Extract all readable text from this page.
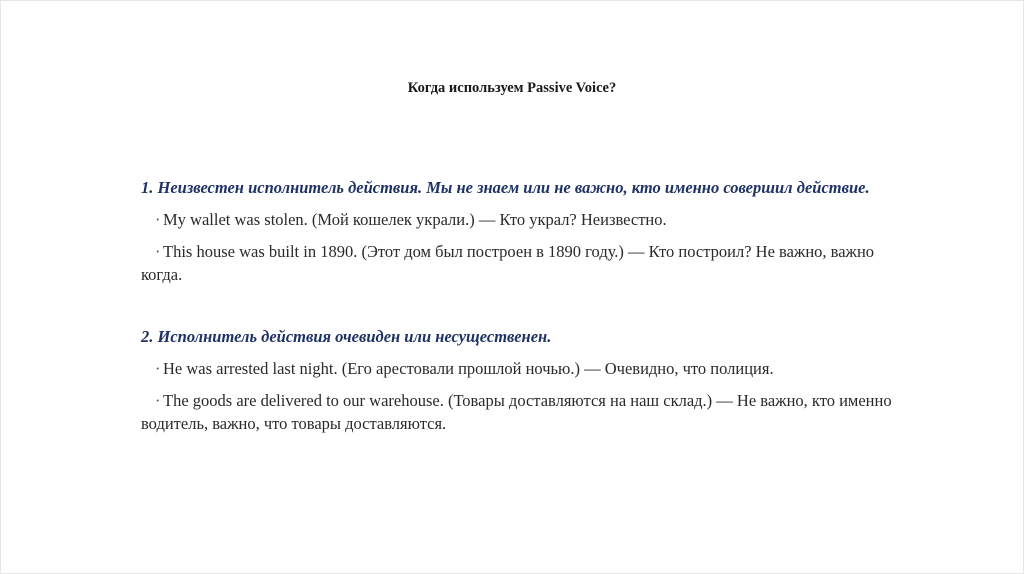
Когда используем Passive Voice?

1. Неизвестен исполнитель действия. Мы не знаем или не важно, кто именно совершил действие.

· My wallet was stolen. (Мой кошелек украли.) — Кто украл? Неизвестно.

· This house was built in 1890. (Этот дом был построен в 1890 году.) — Кто построил? Не важно, важно когда.

2. Исполнитель действия очевиден или несущественен.

· He was arrested last night. (Его арестовали прошлой ночью.) — Очевидно, что полиция.

· The goods are delivered to our warehouse. (Товары доставляются на наш склад.) — Не важно, кто именно водитель, важно, что товары доставляются.
